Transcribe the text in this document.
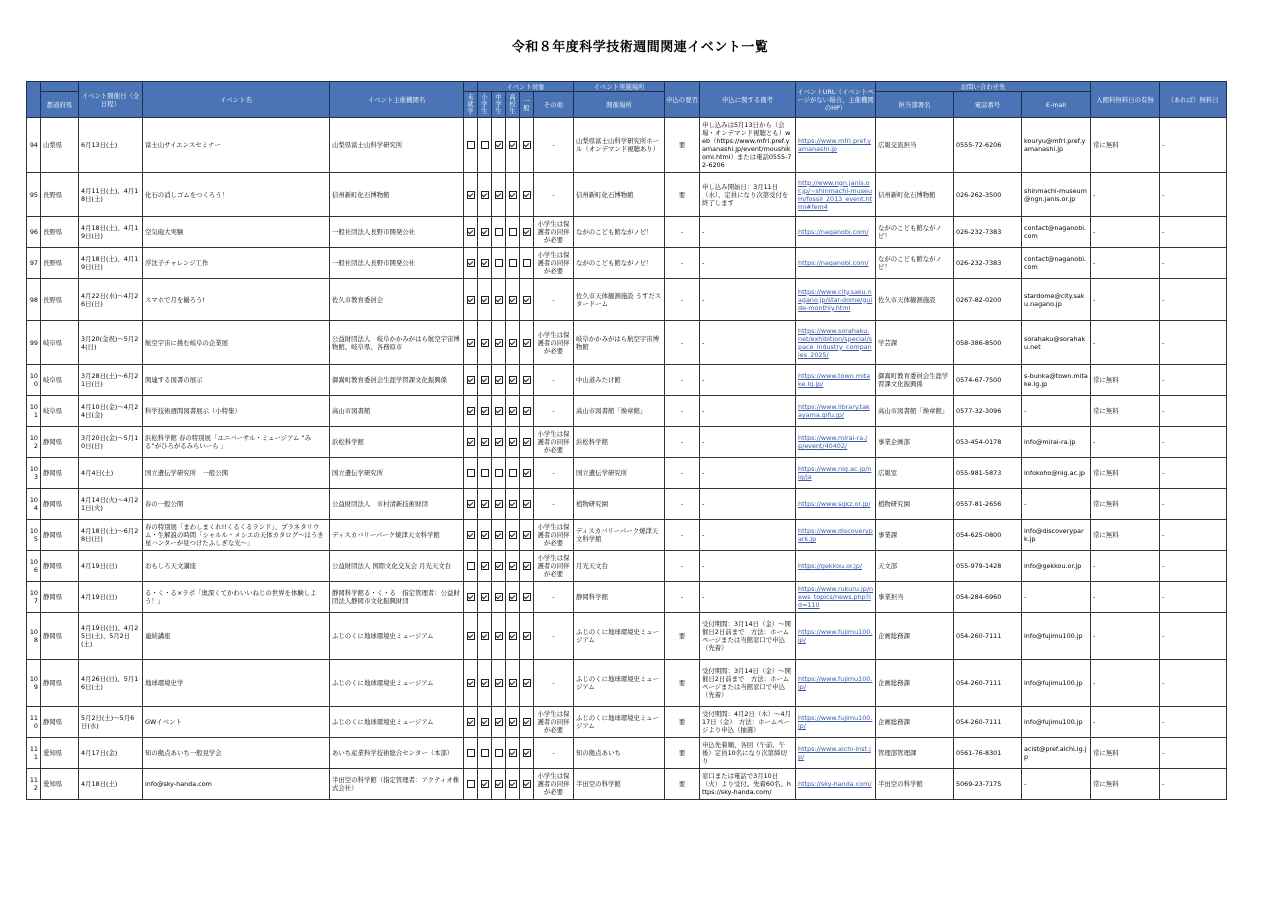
令和８年度科学技術週間関連イベント一覧
		イベント開催日（全日程）	イベント名	イベント主催機関名		イベント対象					イベント実施場所	申込の要否	申込に関する備考	イベントURL（イベントページがない場合、主催機関のHP）	お問い合わせ先			入館料無料日の有無	（あれば）無料日
	都道府県				未就学	小学生	中学生	高校生	一般	その他	開催場所				担当部署名	電話番号	E-mail		
94	山梨県	6月13日(土)	富士山サイエンスセミナー	山梨県富士山科学研究所						-	山梨県富士山科学研究所ホール（オンデマンド視聴あり）	要	申し込みは5月13日から（会場・オンデマンド視聴とも）web（https://www.mfri.pref.yamanashi.jp/event/moushikomi.html）または電話0555-72-6206	https://www.mfri.pref.yamanashi.jp	広報交流担当	0555-72-6206	kouryu@mfri.pref.yamanashi.jp	常に無料	-
95	長野県	4月11日(土)、4月18日(土)	化石の消しゴムをつくろう！	信州新町化石博物館						-	信州新町化石博物館	要	申し込み開始日：3月11日（水）、定員になり次第受付を終了します	http://www.ngn.janis.or.jp/~shinmachi-museum/fossil_2013_event.html#fem4	信州新町化石博物館	026-262-3500	shinmachi-museum@ngn.janis.or.jp	-	-
96	長野県	4月18日(土)、4月19日(日)	空気砲大実験	一般社団法人長野市開発公社						小学生は保護者の同伴が必要	ながのこども館ながノビ！	-	-	https://naganobi.com/	ながのこども館ながノビ！	026-232-7383	contact@naganobi.com	-	-
97	長野県	4月18日(土)、4月19日(日)	浮沈子チャレンジ工作	一般社団法人長野市開発公社						小学生は保護者の同伴が必要	ながのこども館ながノビ！	-	-	https://naganobi.com/	ながのこども館ながノビ！	026-232-7383	contact@naganobi.com	-	-
98	長野県	4月22日(水)～4月26日(日)	スマホで月を撮ろう!	佐久市教育委員会						-	佐久市天体観測施設 うすだスタードーム	-	-	https://www.city.saku.nagano.jp/star-dome/guide-monthly.html	佐久市天体観測施設	0267-82-0200	stardome@city.saku.nagano.jp	-	-
99	岐阜県	3月20(金祝)～5月24(日)	航空宇宙に挑む岐阜の企業展	公益財団法人　岐阜かかみがはら航空宇宙博物館、岐阜県、各務原市						小学生は保護者の同伴が必要	岐阜かかみがはら航空宇宙博物館	-	-	https://www.sorahaku.net/exhibition/special/space_industry_companies_2025/	学芸課	058-386-8500	sorahaku@sorahaku.net	-	-
100	岐阜県	3月28日(土)～6月21日(日)	関連する図書の展示	御嵩町教育委員会生涯学習課文化振興係						-	中山道みたけ館	-	-	https://www.town.mitake.lg.jp/	御嵩町教育委員会生涯学習課文化振興係	0574-67-7500	s-bunka@town.mitake.lg.jp	常に無料	-
101	岐阜県	4月10日(金)～4月24日(金)	科学技術週間図書展示（小特集）	高山市図書館						-	高山市図書館「煥章館」	-	-	https://www.library.takayama.gifu.jp/	高山市図書館「煥章館」	0577-32-3096	-	常に無料	-
102	静岡県	3月20日(金)～5月10日(日)	浜松科学館 春の特別展「ユニバーサル・ミュージアム “みる”がひろがるみらいーら 」	浜松科学館						小学生は保護者の同伴が必要	浜松科学館	-	-	https://www.mirai-ra.jp/event/40402/	事業企画部	053-454-0178	info@mirai-ra.jp	-	-
103	静岡県	4月4日(土)	国立遺伝学研究所　一般公開	国立遺伝学研究所						-	国立遺伝学研究所	-	-	https://www.nig.ac.jp/nig/ja	広報室	055-981-5873	infokoho@nig.ac.jp	常に無料	-
104	静岡県	4月14日(火)～4月21日(火)	春の一般公開	公益財団法人　市村清新技術財団						-	植物研究園	-	-	https://www.sgkz.or.jp/	植物研究園	0557-81-2656	-	常に無料	-
105	静岡県	4月18日(土)～6月28日(日)	春の特別展「まわしまくれ!!くるくるランド」、プラネタリウム・生解説の時間「シャルル・メシエの天体カタログ～ほうき星ハンターが見つけたふしぎな光～」	ディスカバリーパーク焼津天文科学館						小学生は保護者の同伴が必要	ディスカバリーパーク焼津天文科学館	-	-	https://www.discoverypark.jp	事業課	054-625-0800	info@discoverypark.jp	常に無料	-
106	静岡県	4月19日(日)	おもしろ天文講座	公益財団法人 国際文化交友会 月光天文台						小学生は保護者の同伴が必要	月光天文台	-	-	https://gekkou.or.jp/	天文部	055-979-1428	info@gekkou.or.jp	-	-
107	静岡県	4月19日(日)	る・く・る×ラボ「奥深くてかわいいねじの世界を体験しよう！」	静岡科学館る・く・る　指定管理者：公益財団法人静岡市文化振興財団						-	静岡科学館	-	-	https://www.rukuru.jp/news_topics/news.php?id=110	事業担当	054-284-6960	-	-	-
108	静岡県	4月19日(日)、4月25日(土)、5月2日(土)	連続講座	ふじのくに地球環境史ミュージアム						-	ふじのくに地球環境史ミュージアム	要	受付期間：3月14日（金）～開催日2日前まで　方法：ホームページまたは当館窓口で申込（先着）	https://www.fujimu100.jp/	企画総務課	054-260-7111	info@fujimu100.jp	-	-
109	静岡県	4月26日(日)、5月16日(土)	地球環境史学	ふじのくに地球環境史ミュージアム						-	ふじのくに地球環境史ミュージアム	要	受付期間：3月14日（金）～開催日2日前まで　方法：ホームページまたは当館窓口で申込（先着）	https://www.fujimu100.jp/	企画総務課	054-260-7111	info@fujimu100.jp	-	-
110	静岡県	5月2日(土)～5月6日(水)	GWイベント	ふじのくに地球環境史ミュージアム						小学生は保護者の同伴が必要	ふじのくに地球環境史ミュージアム	要	受付期間：4月2日（木）～4月17日（金）　方法：ホームページより申込（抽選）	https://www.fujimu100.jp/	企画総務課	054-260-7111	info@fujimu100.jp	-	-
111	愛知県	4月17日(金)	知の拠点あいち一般見学会	あいち産業科学技術総合センター（本部）						-	知の拠点あいち	要	申込先着順、各回（午前、午後）定員10名になり次第締切り	https://www.aichi-inst.jp/	管理部管理課	0561-76-8301	acist@pref.aichi.lg.jp	常に無料	-
112	愛知県	4月18日(土)	info@sky-handa.com	半田空の科学館（指定管理者：アクティオ株式会社）						小学生は保護者の同伴が必要	半田空の科学館	要	窓口または電話で3月10日（火）より受付。先着60名。https://sky-handa.com/	https://sky-handa.com/	半田空の科学館	5069-23-7175	-	常に無料	-
